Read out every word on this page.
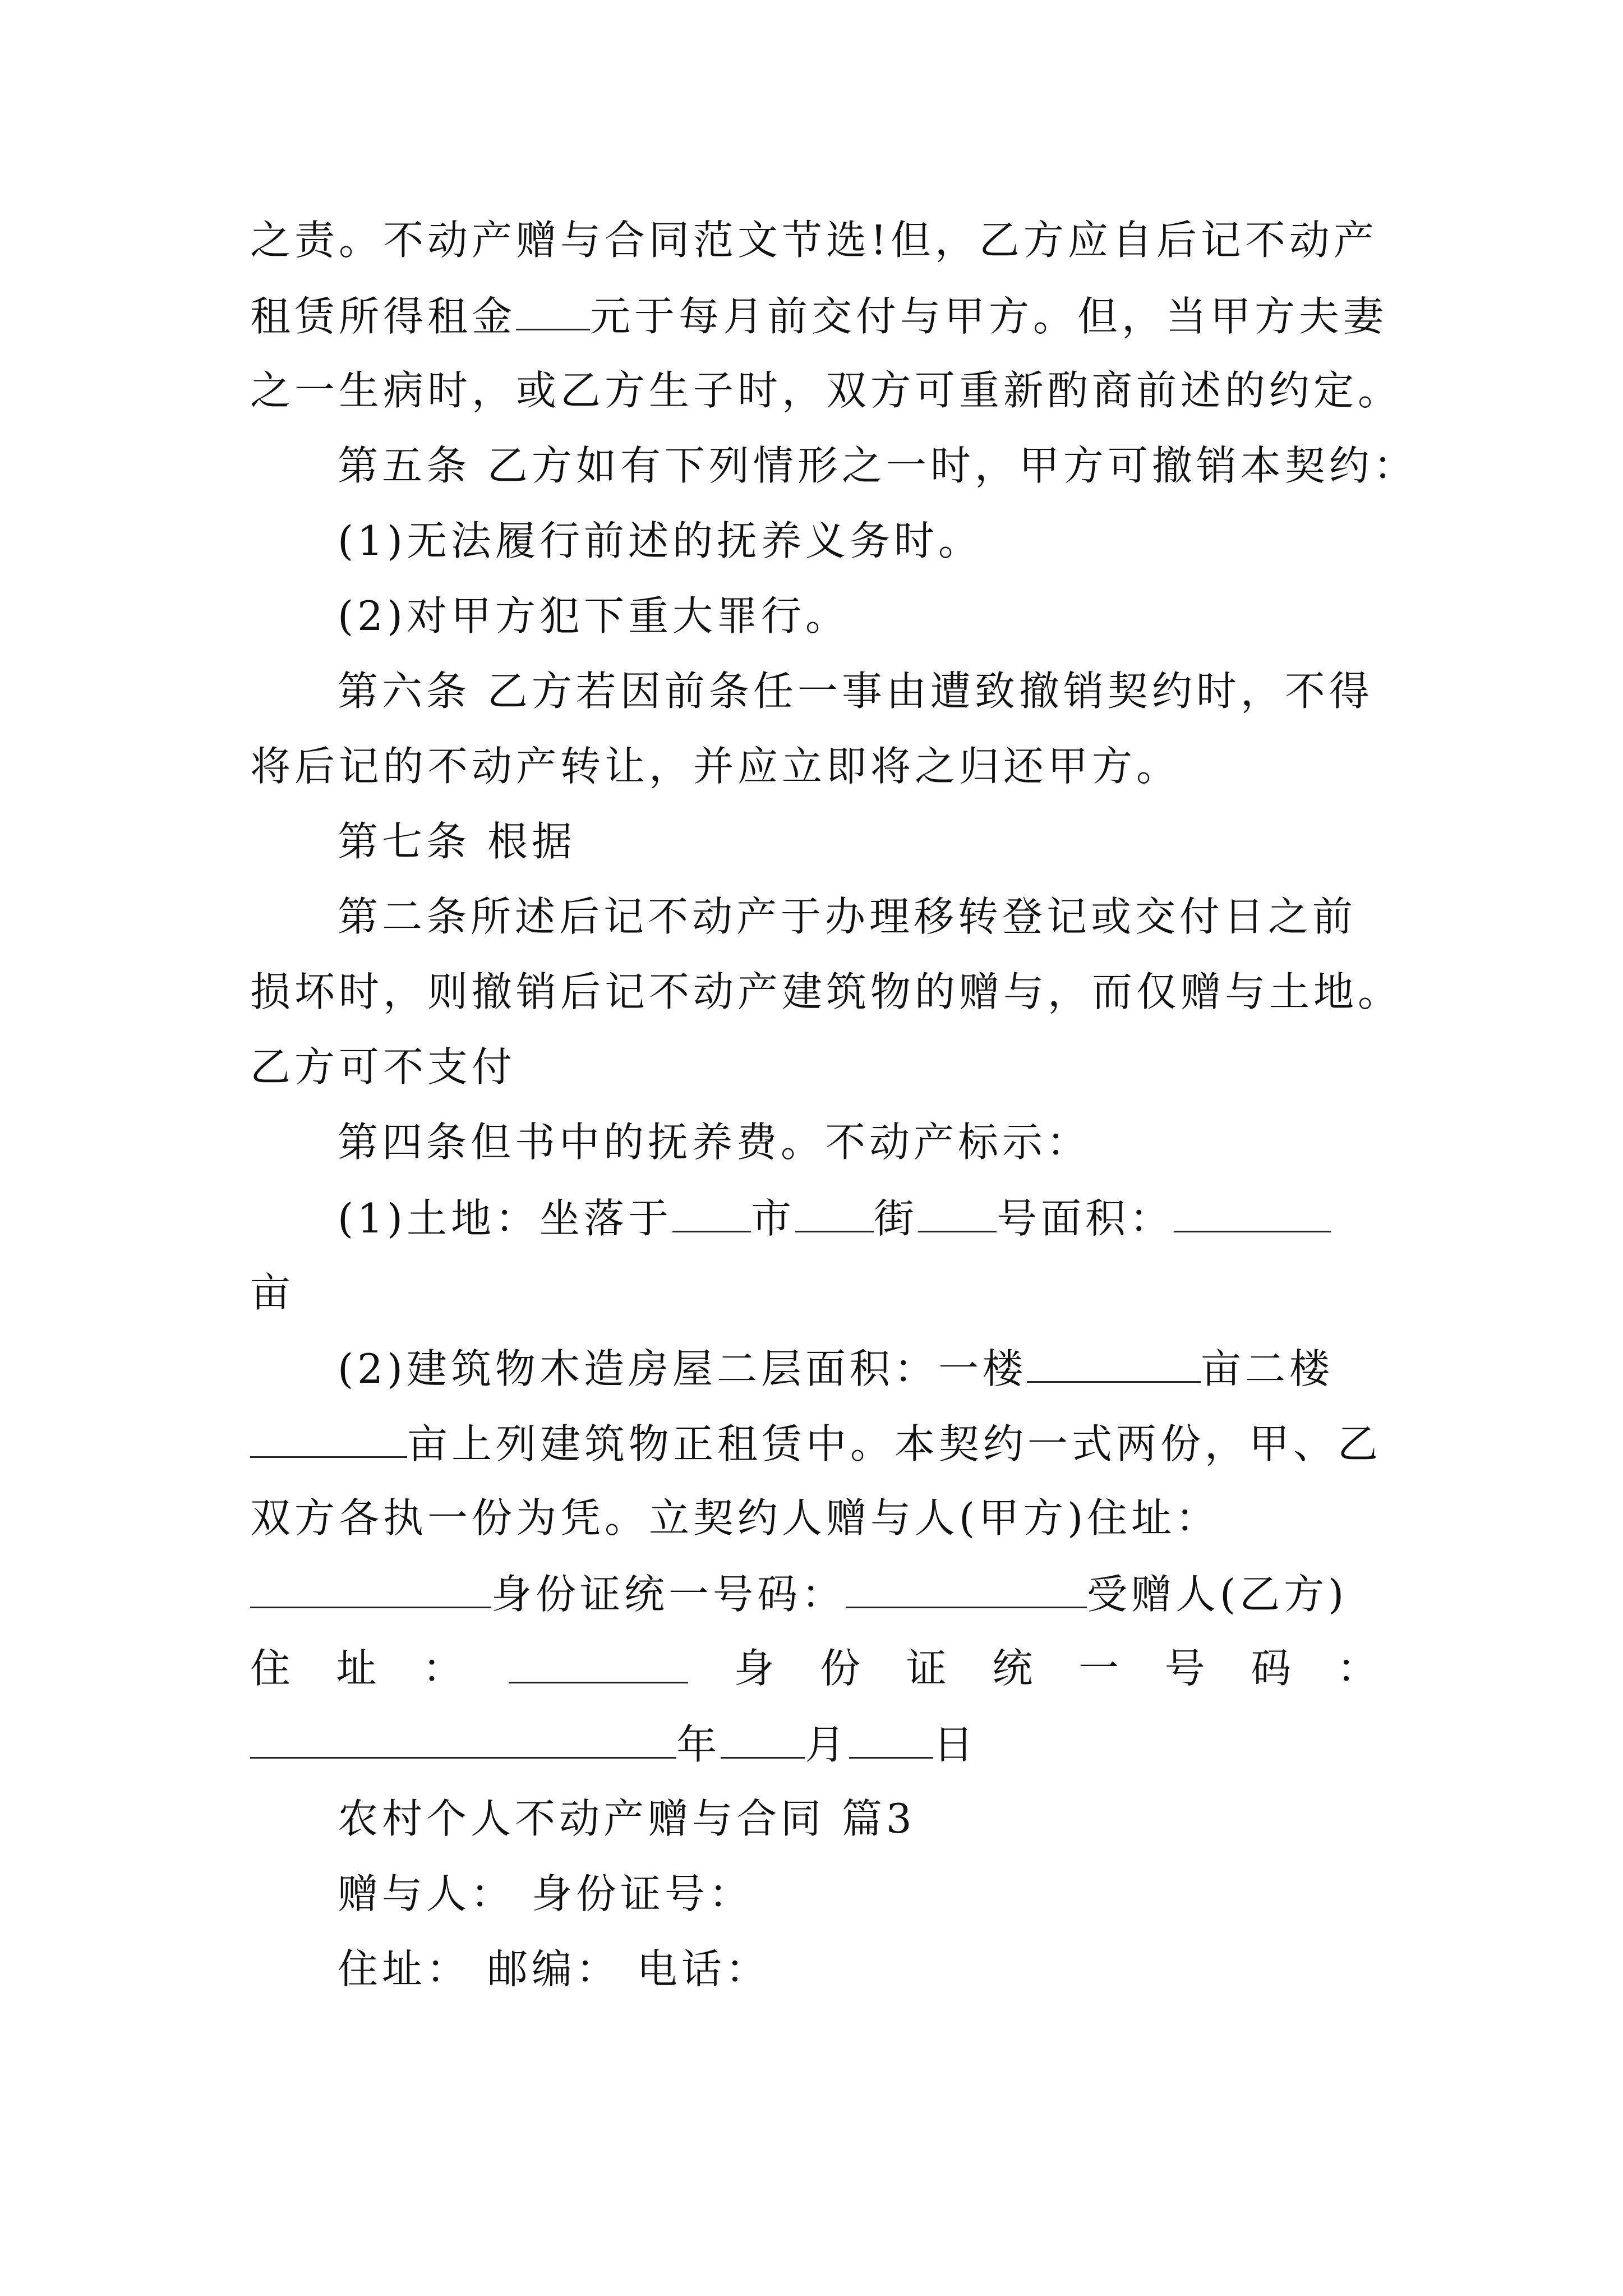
之责。不动产赠与合同范文节选!但，乙方应自后记不动产
租赁所得租金 元于每月前交付与甲方。但，当甲方夫妻
之一生病时，或乙方生子时，双方可重新酌商前述的约定。
第五条 乙方如有下列情形之一时，甲方可撤销本契约：
(1)无法履行前述的抚养义务时。
(2)对甲方犯下重大罪行。
第六条 乙方若因前条任一事由遭致撤销契约时，不得
将后记的不动产转让，并应立即将之归还甲方。
第七条 根据
第二条所述后记不动产于办理移转登记或交付日之前
损坏时，则撤销后记不动产建筑物的赠与，而仅赠与土地。
乙方可不支付
第四条但书中的抚养费。不动产标示：
(1)土地：坐落于 市 街 号面积：
亩
(2)建筑物木造房屋二层面积：一楼	亩二楼
亩上列建筑物正租赁中。本契约一式两份，甲、乙
双方各执一份为凭。立契约人赠与人(甲方)住址：
身份证统一号码：	受赠人(乙方)
住 址 ：	身 份 证 统 一 号 码 ：
年 月 日
农村个人不动产赠与合同 篇3
赠与人： 身份证号：
住址： 邮编： 电话：
